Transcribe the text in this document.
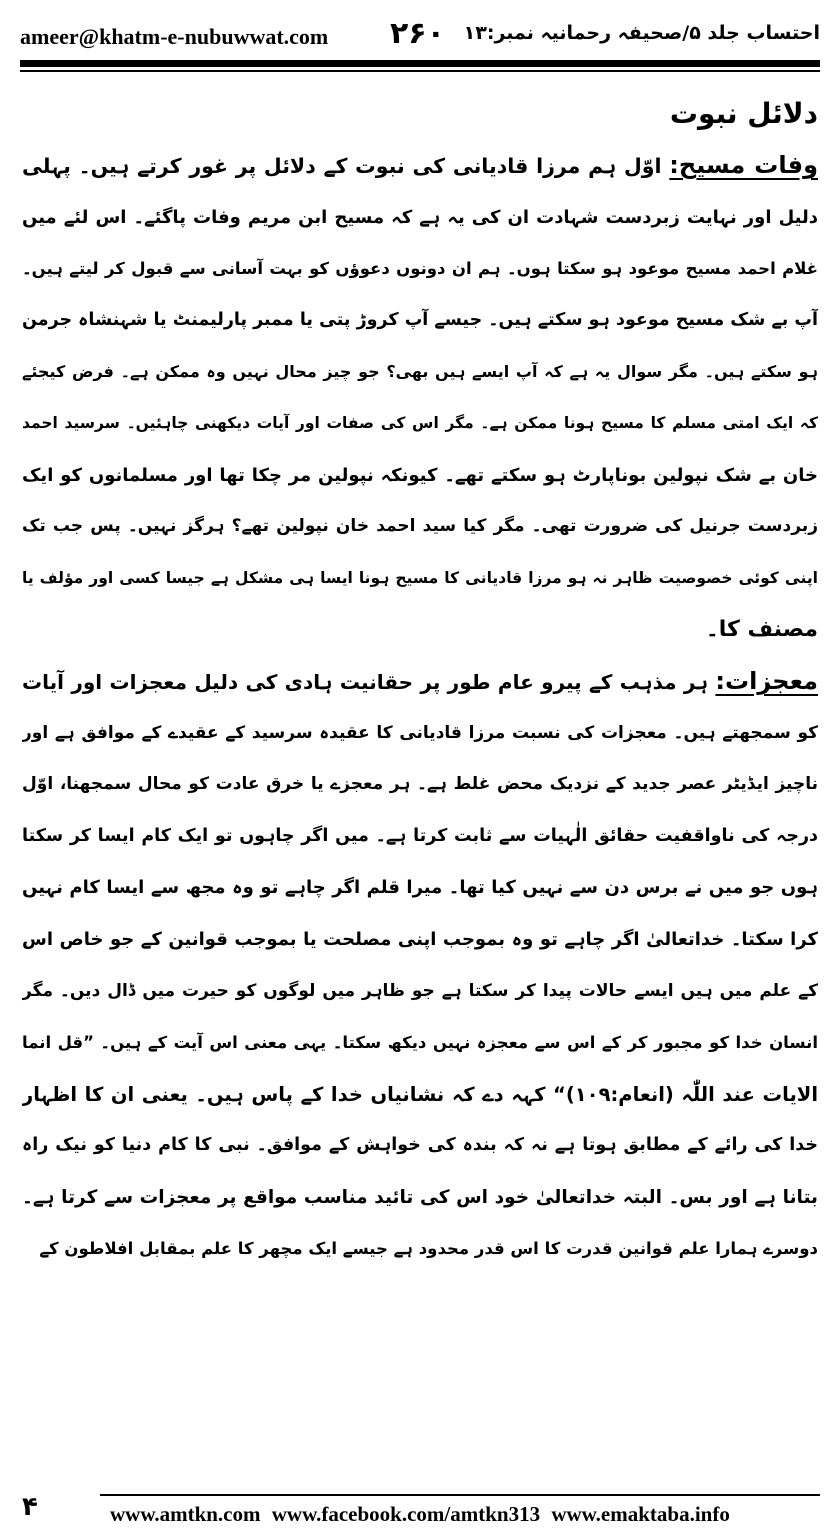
ameer@khatm-e-nubuwwat.com ۲۶۰ احتساب جلد ۵/صحیفہ رحمانیہ نمبر:۱۳
دلائل نبوت
وفات مسیح: اوّل ہم مرزا قادیانی کی نبوت کے دلائل پر غور کرتے ہیں۔ پہلی
دلیل اور نہایت زبردست شہادت ان کی یہ ہے کہ مسیح ابن مریم وفات پاگئے۔ اس لئے میں
غلام احمد مسیح موعود ہو سکتا ہوں۔ ہم ان دونوں دعوؤں کو بہت آسانی سے قبول کر لیتے ہیں۔
آپ بے شک مسیح موعود ہو سکتے ہیں۔ جیسے آپ کروڑ پتی یا ممبر پارلیمنٹ یا شہنشاہ جرمن
ہو سکتے ہیں۔ مگر سوال یہ ہے کہ آپ ایسے ہیں بھی؟ جو چیز محال نہیں وہ ممکن ہے۔ فرض کیجئے
کہ ایک امتی مسلم کا مسیح ہونا ممکن ہے۔ مگر اس کی صفات اور آیات دیکھنی چاہئیں۔ سرسید احمد
خان بے شک نپولین بوناپارٹ ہو سکتے تھے۔ کیونکہ نپولین مر چکا تھا اور مسلمانوں کو ایک
زبردست جرنیل کی ضرورت تھی۔ مگر کیا سید احمد خان نپولین تھے؟ ہرگز نہیں۔ پس جب تک
اپنی کوئی خصوصیت ظاہر نہ ہو مرزا قادیانی کا مسیح ہونا ایسا ہی مشکل ہے جیسا کسی اور مؤلف یا
مصنف کا۔
معجزات: ہر مذہب کے پیرو عام طور پر حقانیت ہادی کی دلیل معجزات اور آیات
کو سمجھتے ہیں۔ معجزات کی نسبت مرزا قادیانی کا عقیدہ سرسید کے عقیدے کے موافق ہے اور
ناچیز ایڈیٹر عصر جدید کے نزدیک محض غلط ہے۔ ہر معجزے یا خرق عادت کو محال سمجھنا، اوّل
درجہ کی ناواقفیت حقائق الٰہیات سے ثابت کرتا ہے۔ میں اگر چاہوں تو ایک کام ایسا کر سکتا
ہوں جو میں نے برس دن سے نہیں کیا تھا۔ میرا قلم اگر چاہے تو وہ مجھ سے ایسا کام نہیں
کرا سکتا۔ خداتعالیٰ اگر چاہے تو وہ بموجب اپنی مصلحت یا بموجب قوانین کے جو خاص اس
کے علم میں ہیں ایسے حالات پیدا کر سکتا ہے جو ظاہر میں لوگوں کو حیرت میں ڈال دیں۔ مگر
انسان خدا کو مجبور کر کے اس سے معجزہ نہیں دیکھ سکتا۔ یہی معنی اس آیت کے ہیں۔ ”قل انما
الایات عند اللّٰہ (انعام:۱۰۹)“ کہہ دے کہ نشانیاں خدا کے پاس ہیں۔ یعنی ان کا اظہار
خدا کی رائے کے مطابق ہوتا ہے نہ کہ بندہ کی خواہش کے موافق۔ نبی کا کام دنیا کو نیک راہ
بتانا ہے اور بس۔ البتہ خداتعالیٰ خود اس کی تائید مناسب مواقع پر معجزات سے کرتا ہے۔
دوسرے ہمارا علم قوانین قدرت کا اس قدر محدود ہے جیسے ایک مچھر کا علم بمقابل افلاطون کے
۴	www.amtkn.com www.facebook.com/amtkn313 www.emaktaba.info
